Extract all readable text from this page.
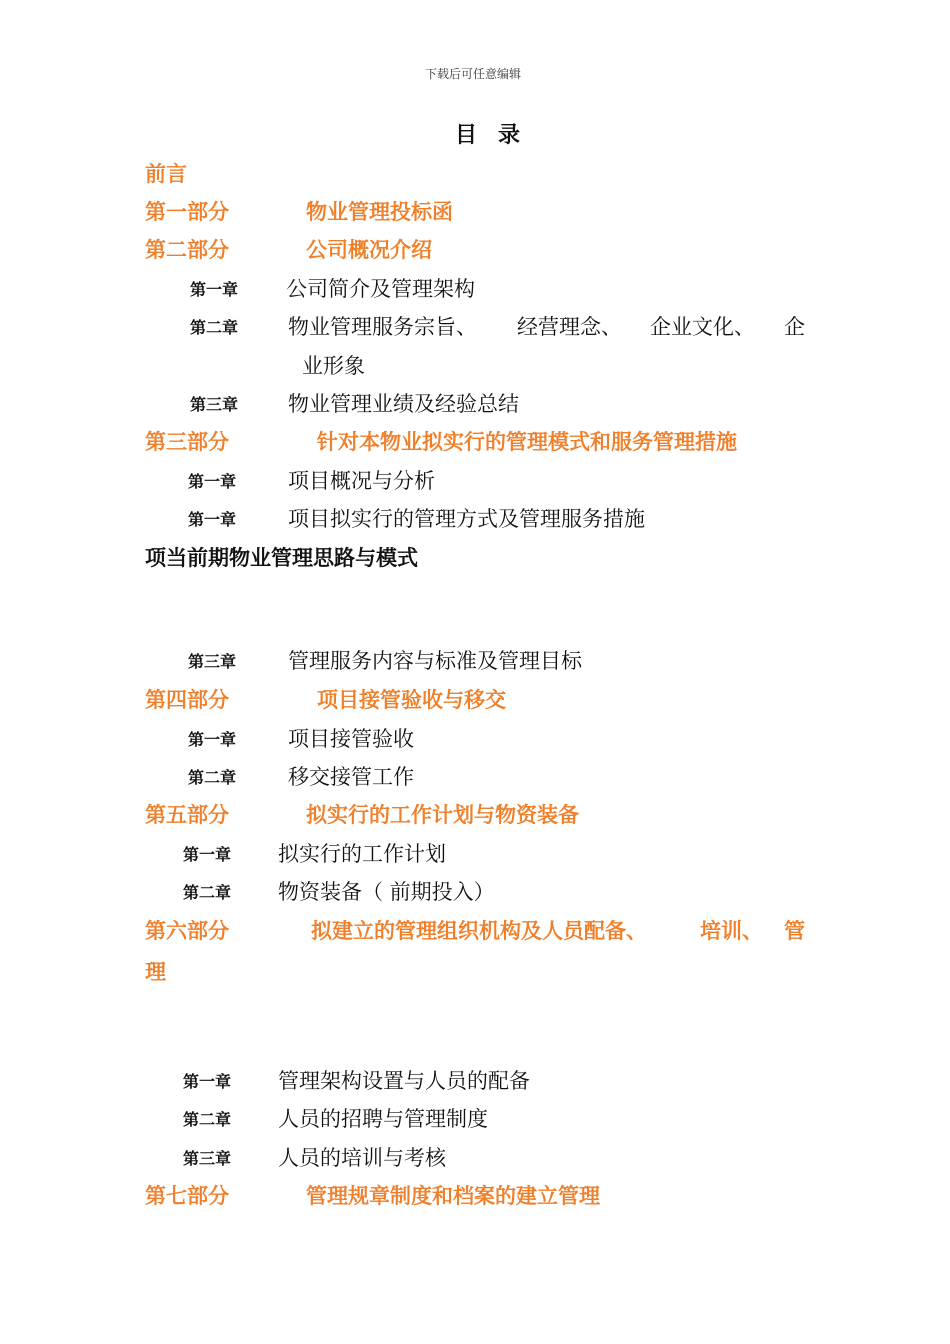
下载后可任意编辑
目 录
前言
第一部分	物业管理投标函
第二部分	公司概况介绍
第一章 公司简介及管理架构
第二章 物业管理服务宗旨、 经营理念、 企业文化、 企
业形象
第三章 物业管理业绩及经验总结
第三部分	针对本物业拟实行的管理模式和服务管理措施
第一章 项目概况与分析
第一章 项目拟实行的管理方式及管理服务措施
项当前期物业管理思路与模式
第三章 管理服务内容与标准及管理目标
第四部分	项目接管验收与移交
第一章 项目接管验收
第二章 移交接管工作
第五部分	拟实行的工作计划与物资装备
第一章 拟实行的工作计划
第二章 物资装备（ 前期投入）
第六部分	拟建立的管理组织机构及人员配备、	培训、 管
理
第一章 管理架构设置与人员的配备
第二章 人员的招聘与管理制度
第三章 人员的培训与考核
第七部分	管理规章制度和档案的建立管理
